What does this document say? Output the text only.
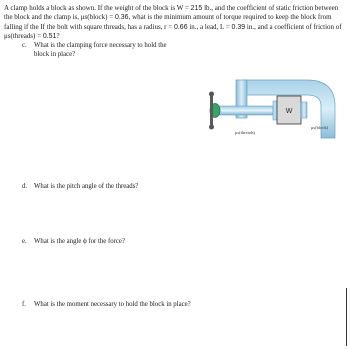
A clamp holds a block as shown. If the weight of the block is W = 215 lb., and the coefficient of static friction between the block and the clamp is, μs(block) = 0.36, what is the minimum amount of torque required to keep the block from falling if the If the bolt with square threads, has a radius, r = 0.66 in., a lead, L = 0.39 in., and a coefficient of friction of μs(threads) = 0.51?
c. What is the clamping force necessary to hold the block in place?
W
μs(threads)
μs(block)
d. What is the pitch angle of the threads?
e. What is the angle ϕ for the force?
f. What is the moment necessary to hold the block in place?
